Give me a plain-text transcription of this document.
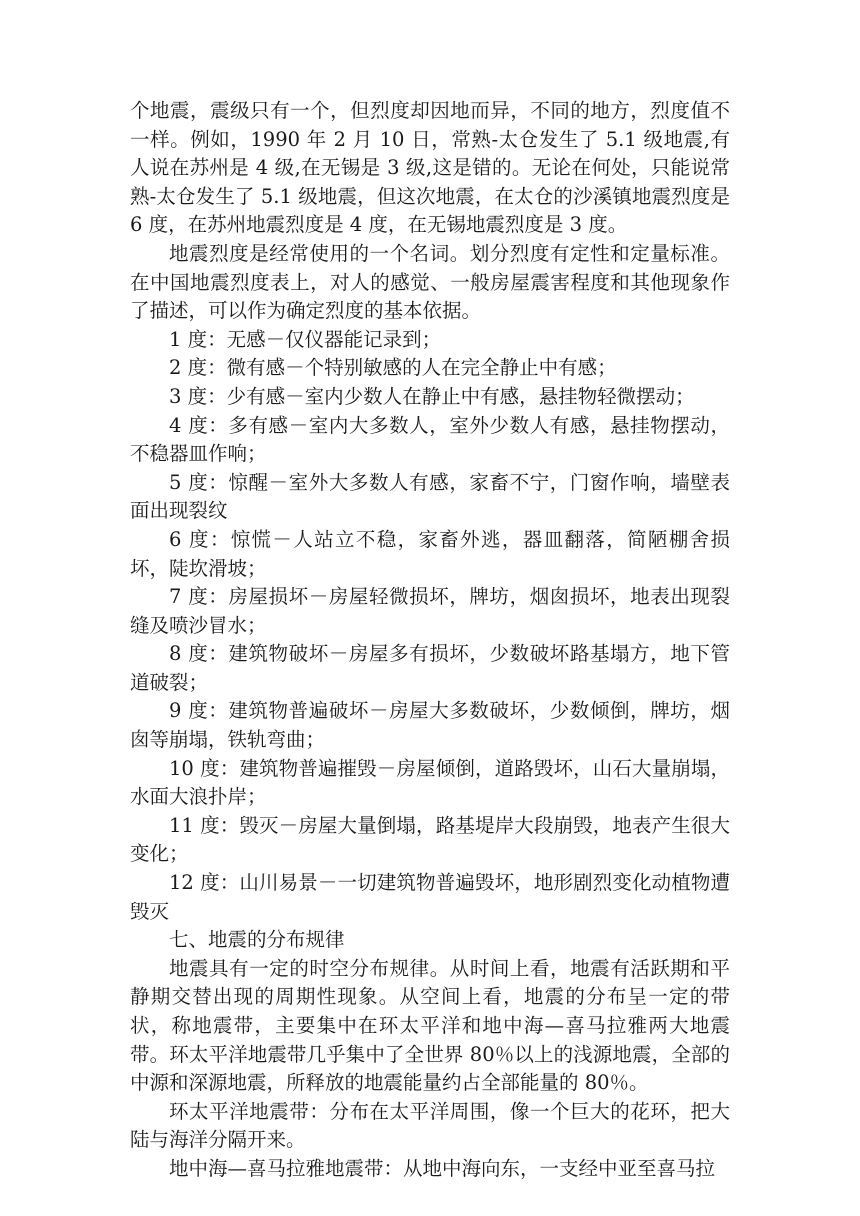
个地震，震级只有一个，但烈度却因地而异，不同的地方，烈度值不一样。例如，1990 年 2 月 10 日，常熟-太仓发生了 5.1 级地震,有人说在苏州是 4 级,在无锡是 3 级,这是错的。无论在何处，只能说常熟-太仓发生了 5.1 级地震，但这次地震，在太仓的沙溪镇地震烈度是 6 度，在苏州地震烈度是 4 度，在无锡地震烈度是 3 度。

地震烈度是经常使用的一个名词。划分烈度有定性和定量标准。在中国地震烈度表上，对人的感觉、一般房屋震害程度和其他现象作了描述，可以作为确定烈度的基本依据。

1 度：无感－仅仪器能记录到；

2 度：微有感－个特别敏感的人在完全静止中有感；

3 度：少有感－室内少数人在静止中有感，悬挂物轻微摆动；

4 度：多有感－室内大多数人，室外少数人有感，悬挂物摆动，不稳器皿作响；

5 度：惊醒－室外大多数人有感，家畜不宁，门窗作响，墙壁表面出现裂纹

6 度：惊慌－人站立不稳，家畜外逃，器皿翻落，简陋棚舍损坏，陡坎滑坡；

7 度：房屋损坏－房屋轻微损坏，牌坊，烟囱损坏，地表出现裂缝及喷沙冒水；

8 度：建筑物破坏－房屋多有损坏，少数破坏路基塌方，地下管道破裂；

9 度：建筑物普遍破坏－房屋大多数破坏，少数倾倒，牌坊，烟囱等崩塌，铁轨弯曲；

10 度：建筑物普遍摧毁－房屋倾倒，道路毁坏，山石大量崩塌，水面大浪扑岸；

11 度：毁灭－房屋大量倒塌，路基堤岸大段崩毁，地表产生很大变化；

12 度：山川易景－一切建筑物普遍毁坏，地形剧烈变化动植物遭毁灭

七、地震的分布规律

地震具有一定的时空分布规律。从时间上看，地震有活跃期和平静期交替出现的周期性现象。从空间上看，地震的分布呈一定的带状，称地震带，主要集中在环太平洋和地中海—喜马拉雅两大地震带。环太平洋地震带几乎集中了全世界 80％以上的浅源地震，全部的中源和深源地震，所释放的地震能量约占全部能量的 80％。

环太平洋地震带：分布在太平洋周围，像一个巨大的花环，把大陆与海洋分隔开来。

地中海—喜马拉雅地震带：从地中海向东，一支经中亚至喜马拉
